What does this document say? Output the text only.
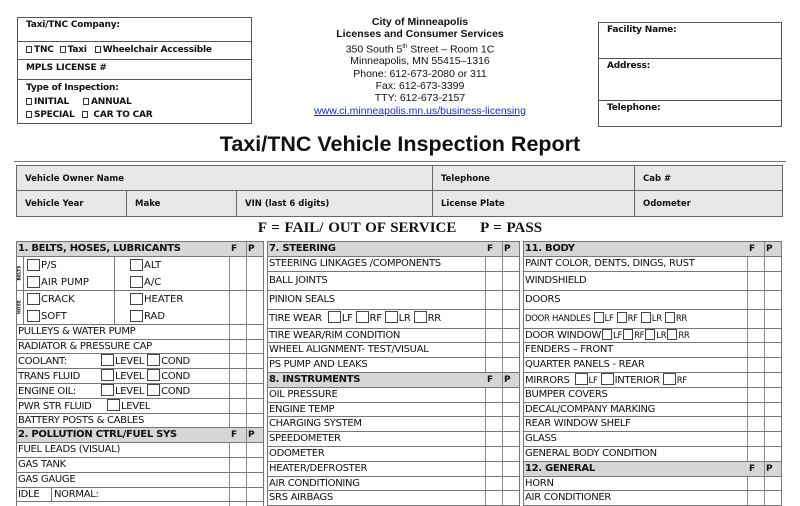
Taxi/TNC Company:
TNC Taxi Wheelchair Accessible
MPLS LICENSE #
Type of Inspection:
INITIAL ANNUAL
SPECIAL CAR TO CAR
City of Minneapolis
Licenses and Consumer Services
350 South 5th Street – Room 1C
Minneapolis, MN 55415–1316
Phone: 612-673-2080 or 311
Fax: 612-673-3399
TTY: 612-673-2157
www.ci.minneapolis.mn.us/business-licensing
Facility Name:
Address:
Telephone:
Taxi/TNC Vehicle Inspection Report
Vehicle Owner Name	Telephone	Cab #
Vehicle Year	Make	VIN (last 6 digits)	License Plate	Odometer
F = FAIL/ OUT OF SERVICE     P = PASS
1. BELTS, HOSES, LUBRICANTS	F	P
BELTS
P/S	ALT
AIR PUMP	A/C
HOSE
CRACK	HEATER
SOFT	RAD
PULLEYS & WATER PUMP
RADIATOR & PRESSURE CAP
COOLANT:	LEVEL COND
TRANS FLUID	LEVEL COND
ENGINE OIL:	LEVEL COND
PWR STR FLUID	LEVEL
BATTERY POSTS & CABLES
2. POLLUTION CTRL/FUEL SYS	F	P
FUEL LEADS (VISUAL)
GAS TANK
GAS GAUGE
IDLE NORMAL:
7. STEERING	F	P
STEERING LINKAGES /COMPONENTS
BALL JOINTS
PINION SEALS
TIRE WEAR LF RF LR RR
TIRE WEAR/RIM CONDITION
WHEEL ALIGNMENT- TEST/VISUAL
PS PUMP AND LEAKS
8. INSTRUMENTS	F	P
OIL PRESSURE
ENGINE TEMP
CHARGING SYSTEM
SPEEDOMETER
ODOMETER
HEATER/DEFROSTER
AIR CONDITIONING
SRS AIRBAGS
11. BODY	F	P
PAINT COLOR, DENTS, DINGS, RUST
WINDSHIELD
DOORS
DOOR HANDLES LF RF LR RR
DOOR WINDOW LF RF LR RR
FENDERS – FRONT
QUARTER PANELS - REAR
MIRRORS LF INTERIOR RF
BUMPER COVERS
DECAL/COMPANY MARKING
REAR WINDOW SHELF
GLASS
GENERAL BODY CONDITION
12. GENERAL	F	P
HORN
AIR CONDITIONER
